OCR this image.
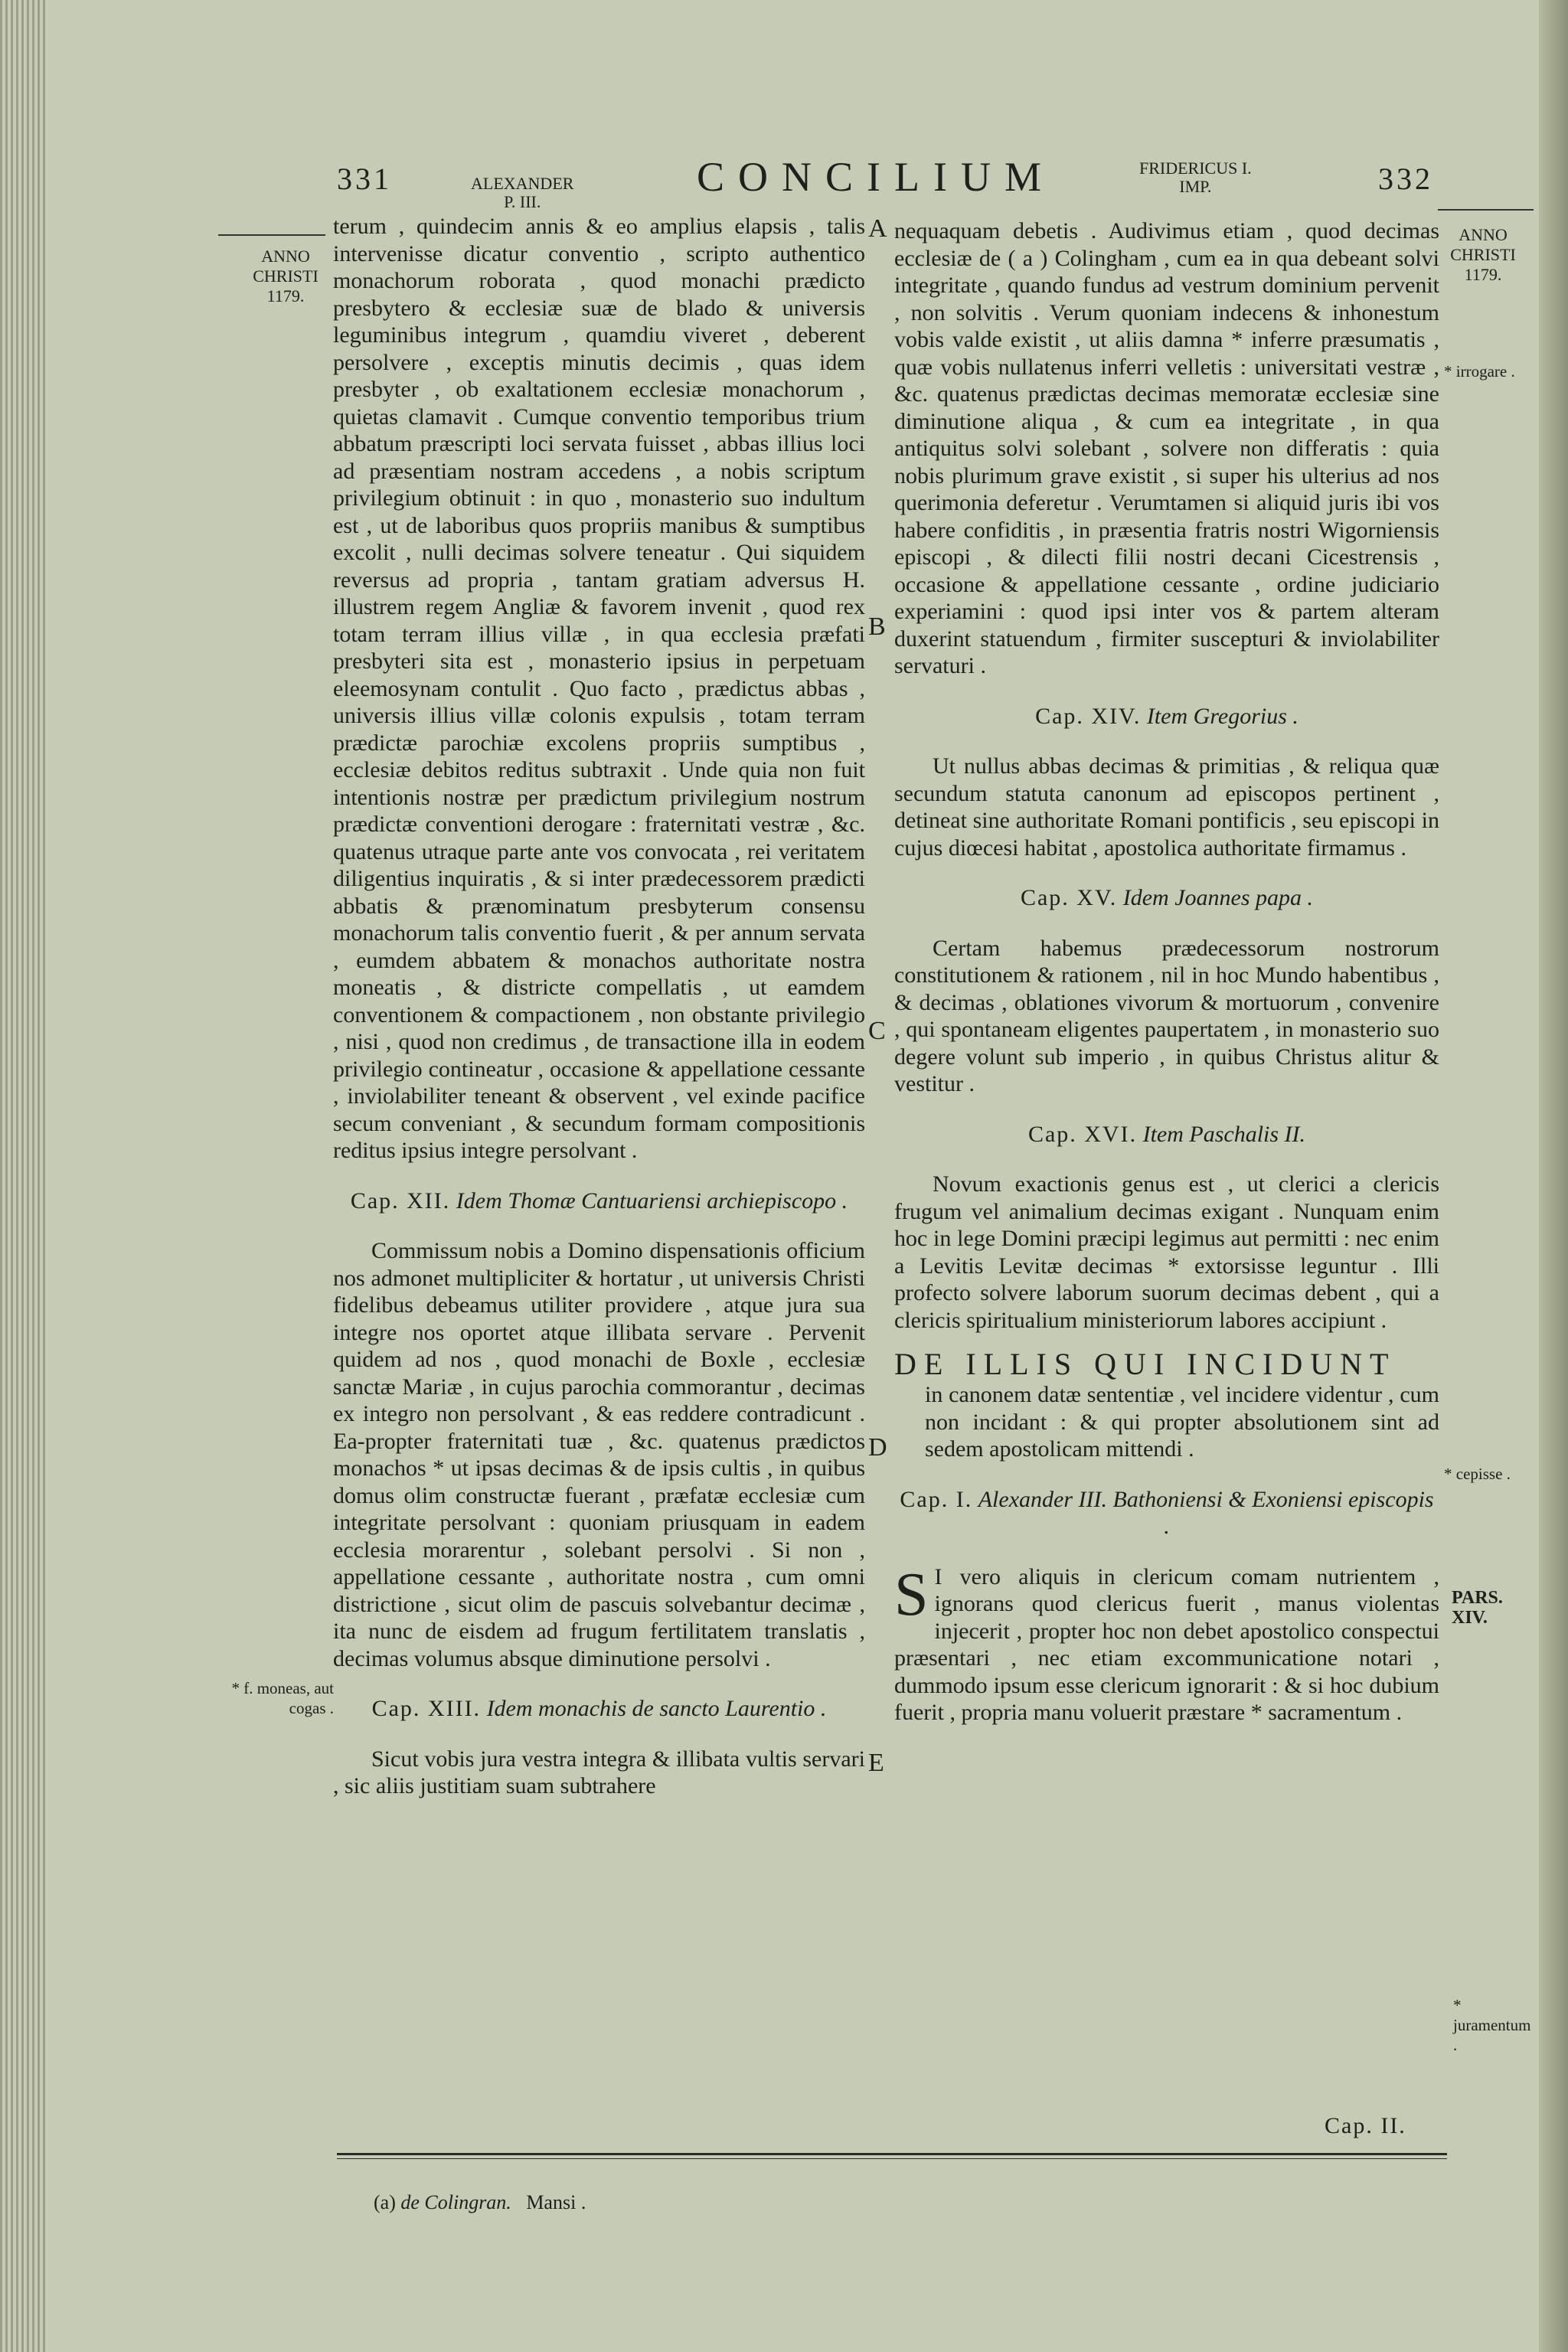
331	ALEXANDER
P. III.
CONCILIUM	FRIDERICUS I.
IMP.	332
ANNO CHRISTI 1179.
ANNO CHRISTI 1179.
A
B
C
D
E
* irrogare .
* cepisse .
* f. moneas, aut cogas .
* juramentum .
PARS. XIV.

terum , quindecim annis & eo amplius elapsis , talis intervenisse dicatur conventio , scripto authentico monachorum roborata , quod monachi prædicto presbytero & ecclesiæ suæ de blado & universis leguminibus integrum , quamdiu viveret , deberent persolvere , exceptis minutis decimis , quas idem presbyter , ob exaltationem ecclesiæ monachorum , quietas clamavit . Cumque conventio temporibus trium abbatum præscripti loci servata fuisset , abbas illius loci ad præsentiam nostram accedens , a nobis scriptum privilegium obtinuit : in quo , monasterio suo indultum est , ut de laboribus quos propriis manibus & sumptibus excolit , nulli decimas solvere teneatur . Qui siquidem reversus ad propria , tantam gratiam adversus H. illustrem regem Angliæ & favorem invenit , quod rex totam terram illius villæ , in qua ecclesia præfati presbyteri sita est , monasterio ipsius in perpetuam eleemosynam contulit . Quo facto , prædictus abbas , universis illius villæ colonis expulsis , totam terram prædictæ parochiæ excolens propriis sumptibus , ecclesiæ debitos reditus subtraxit . Unde quia non fuit intentionis nostræ per prædictum privilegium nostrum prædictæ conventioni derogare : fraternitati vestræ , &c. quatenus utraque parte ante vos convocata , rei veritatem diligentius inquiratis , & si inter prædecessorem prædicti abbatis & prænominatum presbyterum consensu monachorum talis conventio fuerit , & per annum servata , eumdem abbatem & monachos authoritate nostra moneatis , & districte compellatis , ut eamdem conventionem & compactionem , non obstante privilegio , nisi , quod non credimus , de transactione illa in eodem privilegio contineatur , occasione & appellatione cessante , inviolabiliter teneant & observent , vel exinde pacifice secum conveniant , & secundum formam compositionis reditus ipsius integre persolvant .

Cap. XII. Idem Thomæ Cantuariensi archiepiscopo .

Commissum nobis a Domino dispensationis officium nos admonet multipliciter & hortatur , ut universis Christi fidelibus debeamus utiliter providere , atque jura sua integre nos oportet atque illibata servare . Pervenit quidem ad nos , quod monachi de Boxle , ecclesiæ sanctæ Mariæ , in cujus parochia commorantur , decimas ex integro non persolvant , & eas reddere contradicunt . Ea-propter fraternitati tuæ , &c. quatenus prædictos monachos * ut ipsas decimas & de ipsis cultis , in quibus domus olim constructæ fuerant , præfatæ ecclesiæ cum integritate persolvant : quoniam priusquam in eadem ecclesia morarentur , solebant persolvi . Si non , appellatione cessante , authoritate nostra , cum omni districtione , sicut olim de pascuis solvebantur decimæ , ita nunc de eisdem ad frugum fertilitatem translatis , decimas volumus absque diminutione persolvi .

Cap. XIII. Idem monachis de sancto Laurentio .

Sicut vobis jura vestra integra & illibata vultis servari , sic aliis justitiam suam subtrahere

nequaquam debetis . Audivimus etiam , quod decimas ecclesiæ de ( a ) Colingham , cum ea in qua debeant solvi integritate , quando fundus ad vestrum dominium pervenit , non solvitis . Verum quoniam indecens & inhonestum vobis valde existit , ut aliis damna * inferre præsumatis , quæ vobis nullatenus inferri velletis : universitati vestræ , &c. quatenus prædictas decimas memoratæ ecclesiæ sine diminutione aliqua , & cum ea integritate , in qua antiquitus solvi solebant , solvere non differatis : quia nobis plurimum grave existit , si super his ulterius ad nos querimonia deferetur . Verumtamen si aliquid juris ibi vos habere confiditis , in præsentia fratris nostri Wigorniensis episcopi , & dilecti filii nostri decani Cicestrensis , occasione & appellatione cessante , ordine judiciario experiamini : quod ipsi inter vos & partem alteram duxerint statuendum , firmiter suscepturi & inviolabiliter servaturi .

Cap. XIV. Item Gregorius .

Ut nullus abbas decimas & primitias , & reliqua quæ secundum statuta canonum ad episcopos pertinent , detineat sine authoritate Romani pontificis , seu episcopi in cujus diœcesi habitat , apostolica authoritate firmamus .

Cap. XV. Idem Joannes papa .

Certam habemus prædecessorum nostrorum constitutionem & rationem , nil in hoc Mundo habentibus , & decimas , oblationes vivorum & mortuorum , convenire , qui spontaneam eligentes paupertatem , in monasterio suo degere volunt sub imperio , in quibus Christus alitur & vestitur .

Cap. XVI. Item Paschalis II.

Novum exactionis genus est , ut clerici a clericis frugum vel animalium decimas exigant . Nunquam enim hoc in lege Domini præcipi legimus aut permitti : nec enim a Levitis Levitæ decimas * extorsisse leguntur . Illi profecto solvere laborum suorum decimas debent , qui a clericis spiritualium ministeriorum labores accipiunt .

DE ILLIS QUI INCIDUNT

in canonem datæ sententiæ , vel incidere videntur , cum non incidant : & qui propter absolutionem sint ad sedem apostolicam mittendi .

Cap. I. Alexander III. Bathoniensi & Exoniensi episcopis .

S I vero aliquis in clericum comam nutrientem , ignorans quod clericus fuerit , manus violentas injecerit , propter hoc non debet apostolico conspectui præsentari , nec etiam excommunicatione notari , dummodo ipsum esse clericum ignorarit : & si hoc dubium fuerit , propria manu voluerit præstare * sacramentum .

Cap. II.
(a) de Colingran. Mansi .
